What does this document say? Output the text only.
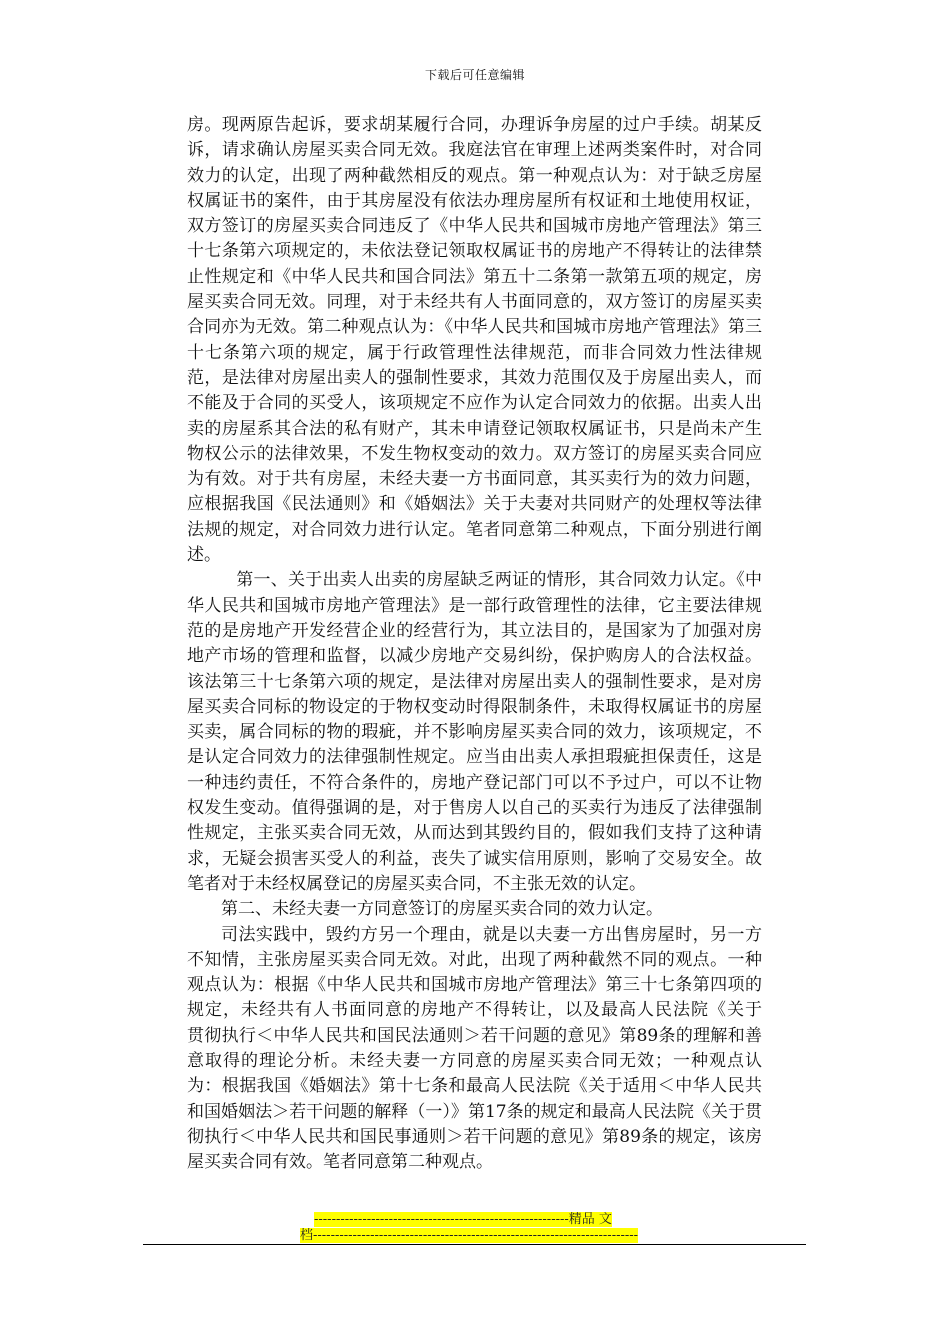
下载后可任意编辑

房。现两原告起诉，要求胡某履行合同，办理诉争房屋的过户手续。胡某反诉，请求确认房屋买卖合同无效。我庭法官在审理上述两类案件时，对合同效力的认定，出现了两种截然相反的观点。第一种观点认为：对于缺乏房屋权属证书的案件，由于其房屋没有依法办理房屋所有权证和土地使用权证，双方签订的房屋买卖合同违反了《中华人民共和国城市房地产管理法》第三十七条第六项规定的，未依法登记领取权属证书的房地产不得转让的法律禁止性规定和《中华人民共和国合同法》第五十二条第一款第五项的规定，房屋买卖合同无效。同理，对于未经共有人书面同意的，双方签订的房屋买卖合同亦为无效。第二种观点认为：《中华人民共和国城市房地产管理法》第三十七条第六项的规定，属于行政管理性法律规范，而非合同效力性法律规范，是法律对房屋出卖人的强制性要求，其效力范围仅及于房屋出卖人，而不能及于合同的买受人，该项规定不应作为认定合同效力的依据。出卖人出卖的房屋系其合法的私有财产，其未申请登记领取权属证书，只是尚未产生物权公示的法律效果，不发生物权变动的效力。双方签订的房屋买卖合同应为有效。对于共有房屋，未经夫妻一方书面同意，其买卖行为的效力问题，应根据我国《民法通则》和《婚姻法》关于夫妻对共同财产的处理权等法律法规的规定，对合同效力进行认定。笔者同意第二种观点，下面分别进行阐述。

第一、关于出卖人出卖的房屋缺乏两证的情形，其合同效力认定。《中华人民共和国城市房地产管理法》是一部行政管理性的法律，它主要法律规范的是房地产开发经营企业的经营行为，其立法目的，是国家为了加强对房地产市场的管理和监督，以减少房地产交易纠纷，保护购房人的合法权益。该法第三十七条第六项的规定，是法律对房屋出卖人的强制性要求，是对房屋买卖合同标的物设定的于物权变动时得限制条件，未取得权属证书的房屋买卖，属合同标的物的瑕疵，并不影响房屋买卖合同的效力，该项规定，不是认定合同效力的法律强制性规定。应当由出卖人承担瑕疵担保责任，这是一种违约责任，不符合条件的，房地产登记部门可以不予过户，可以不让物权发生变动。值得强调的是，对于售房人以自己的买卖行为违反了法律强制性规定，主张买卖合同无效，从而达到其毁约目的，假如我们支持了这种请求，无疑会损害买受人的利益，丧失了诚实信用原则，影响了交易安全。故笔者对于未经权属登记的房屋买卖合同，不主张无效的认定。

第二、未经夫妻一方同意签订的房屋买卖合同的效力认定。

司法实践中，毁约方另一个理由，就是以夫妻一方出售房屋时，另一方不知情，主张房屋买卖合同无效。对此，出现了两种截然不同的观点。一种观点认为：根据《中华人民共和国城市房地产管理法》第三十七条第四项的规定，未经共有人书面同意的房地产不得转让，以及最高人民法院《关于　贯彻执行＜中华人民共和国民法通则＞若干问题的意见》第89条的理解和善意取得的理论分析。未经夫妻一方同意的房屋买卖合同无效；一种观点认为：根据我国《婚姻法》第十七条和最高人民法院《关于适用＜中华人民共和国婚姻法＞若干问题的解释（一）》第17条的规定和最高人民法院《关于贯彻执行＜中华人民共和国民事通则＞若干问题的意见》第89条的规定，该房屋买卖合同有效。笔者同意第二种观点。

----------------------------------------------------------精品 文
档--------------------------------------------------------------------------
